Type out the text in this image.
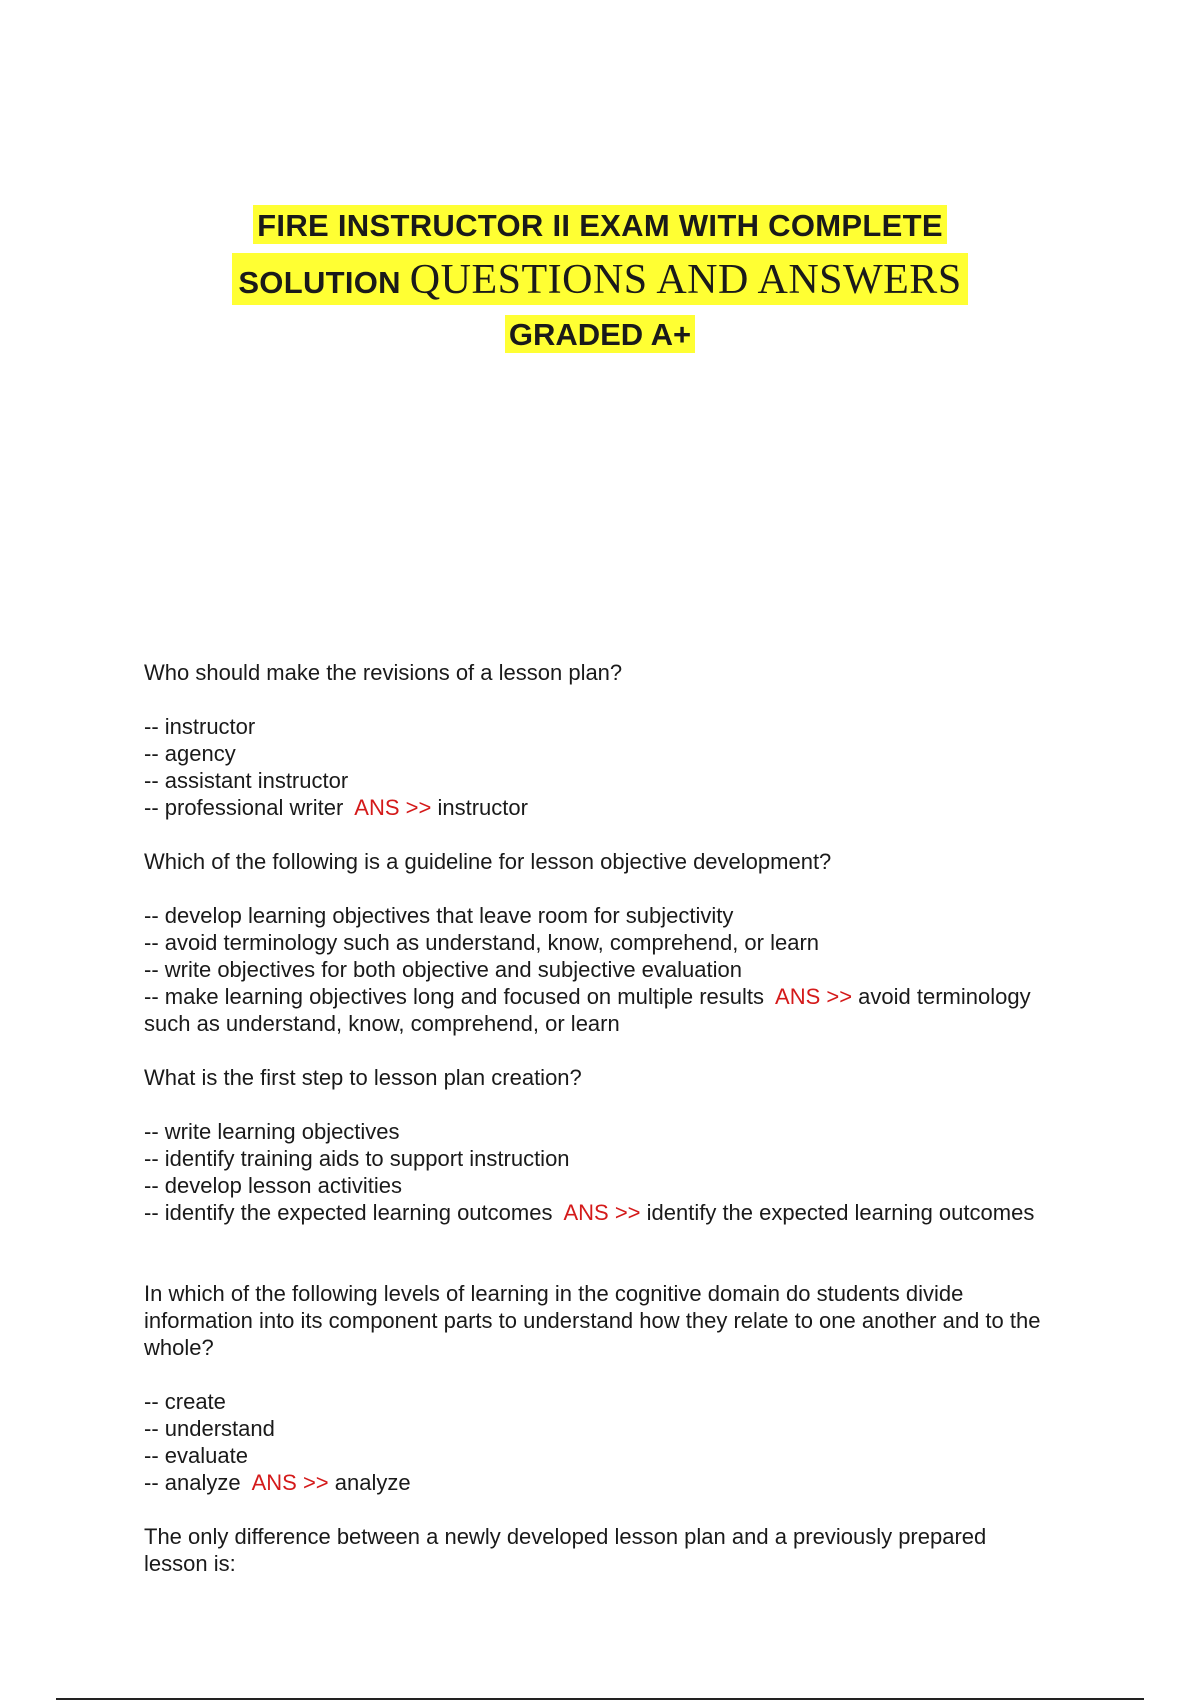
FIRE INSTRUCTOR II EXAM WITH COMPLETE
SOLUTION QUESTIONS AND ANSWERS
GRADED A+

Who should make the revisions of a lesson plan?

-- instructor

-- agency

-- assistant instructor

-- professional writer  ANS >> instructor

Which of the following is a guideline for lesson objective development?

-- develop learning objectives that leave room for subjectivity

-- avoid terminology such as understand, know, comprehend, or learn

-- write objectives for both objective and subjective evaluation

-- make learning objectives long and focused on multiple results  ANS >> avoid terminology such as understand, know, comprehend, or learn

What is the first step to lesson plan creation?

-- write learning objectives

-- identify training aids to support instruction

-- develop lesson activities

-- identify the expected learning outcomes  ANS >> identify the expected learning outcomes

In which of the following levels of learning in the cognitive domain do students divide information into its component parts to understand how they relate to one another and to the whole?

-- create

-- understand

-- evaluate

-- analyze  ANS >> analyze

The only difference between a newly developed lesson plan and a previously prepared lesson is:
